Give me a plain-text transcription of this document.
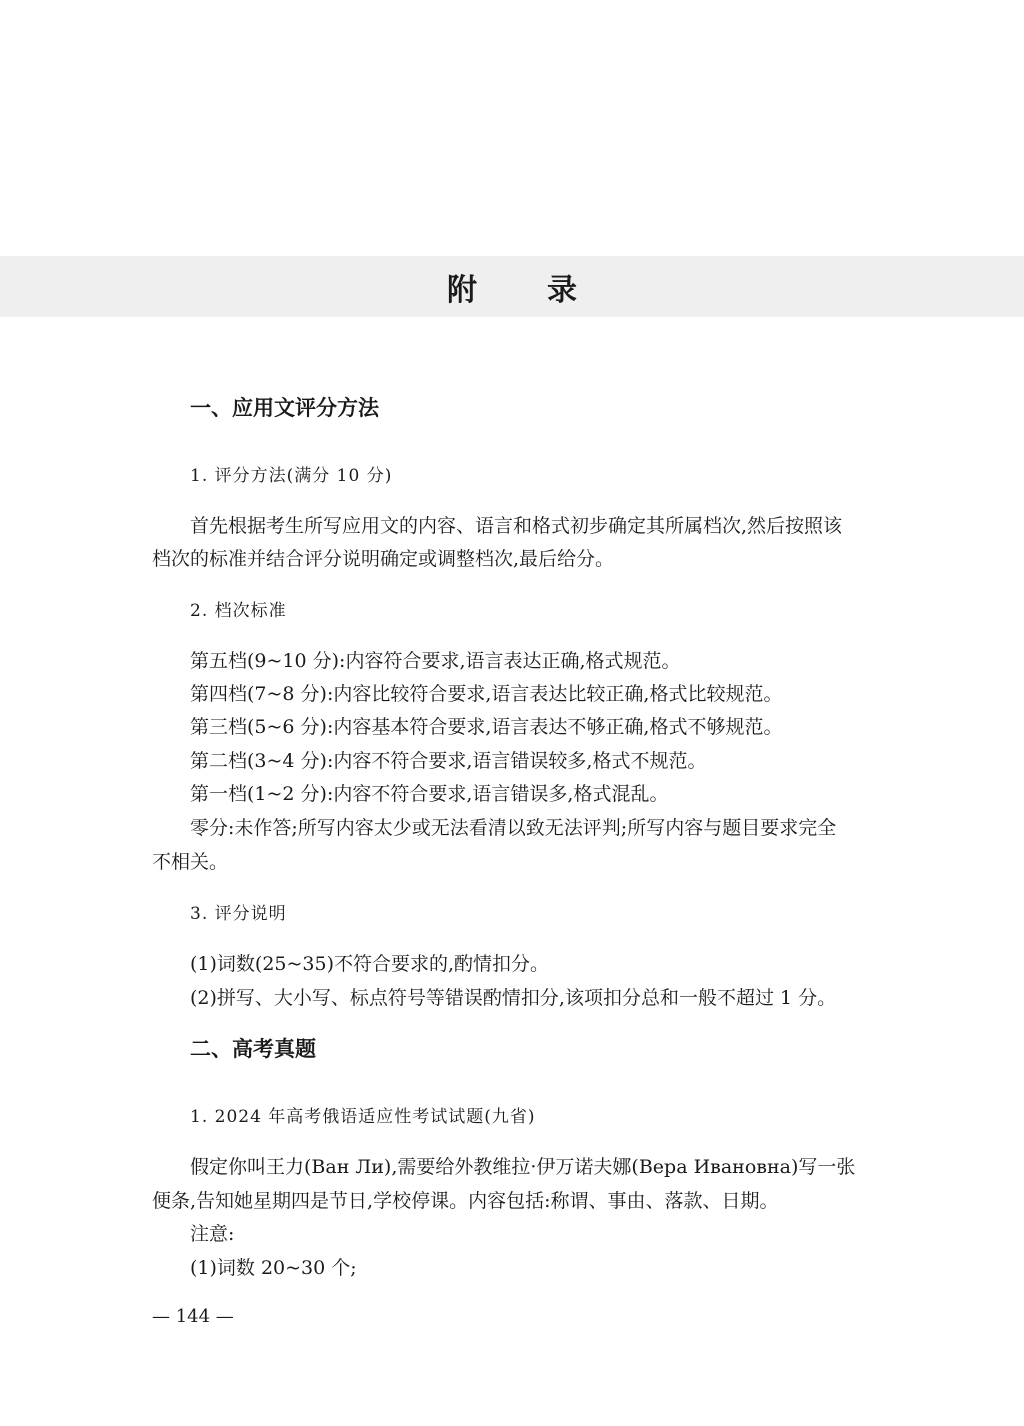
附录
一、应用文评分方法
1. 评分方法(满分 10 分)
首先根据考生所写应用文的内容、语言和格式初步确定其所属档次,然后按照该
档次的标准并结合评分说明确定或调整档次,最后给分。
2. 档次标准
第五档(9~10 分):内容符合要求,语言表达正确,格式规范。
第四档(7~8 分):内容比较符合要求,语言表达比较正确,格式比较规范。
第三档(5~6 分):内容基本符合要求,语言表达不够正确,格式不够规范。
第二档(3~4 分):内容不符合要求,语言错误较多,格式不规范。
第一档(1~2 分):内容不符合要求,语言错误多,格式混乱。
零分:未作答;所写内容太少或无法看清以致无法评判;所写内容与题目要求完全
不相关。
3. 评分说明
(1)词数(25~35)不符合要求的,酌情扣分。
(2)拼写、大小写、标点符号等错误酌情扣分,该项扣分总和一般不超过 1 分。
二、高考真题
1. 2024 年高考俄语适应性考试试题(九省)
假定你叫王力(Ван Ли),需要给外教维拉·伊万诺夫娜(Вера Ивановна)写一张
便条,告知她星期四是节日,学校停课。内容包括:称谓、事由、落款、日期。
注意:
(1)词数 20~30 个;
— 144 —
